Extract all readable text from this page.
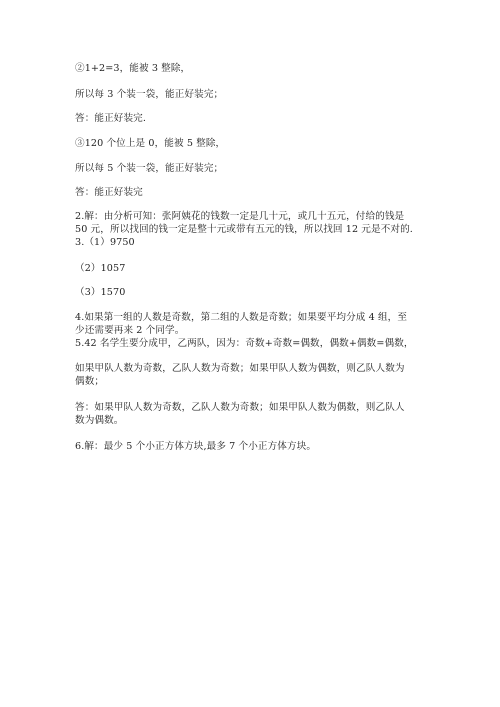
②1+2=3，能被 3 整除，
所以每 3 个装一袋，能正好装完；
答：能正好装完.
③120 个位上是 0，能被 5 整除，
所以每 5 个装一袋，能正好装完；
答：能正好装完
2.解：由分析可知：张阿姨花的钱数一定是几十元，或几十五元，付给的钱是
50 元，所以找回的钱一定是整十元或带有五元的钱，所以找回 12 元是不对的.
3.（1）9750
（2）1057
（3）1570
4.如果第一组的人数是奇数，第二组的人数是奇数；如果要平均分成 4 组，至
少还需要再来 2 个同学。
5.42 名学生要分成甲，乙两队，因为：奇数+奇数=偶数，偶数+偶数=偶数，
如果甲队人数为奇数，乙队人数为奇数；如果甲队人数为偶数，则乙队人数为
偶数；
答：如果甲队人数为奇数，乙队人数为奇数；如果甲队人数为偶数，则乙队人
数为偶数。
6.解：最少 5 个小正方体方块,最多 7 个小正方体方块。
